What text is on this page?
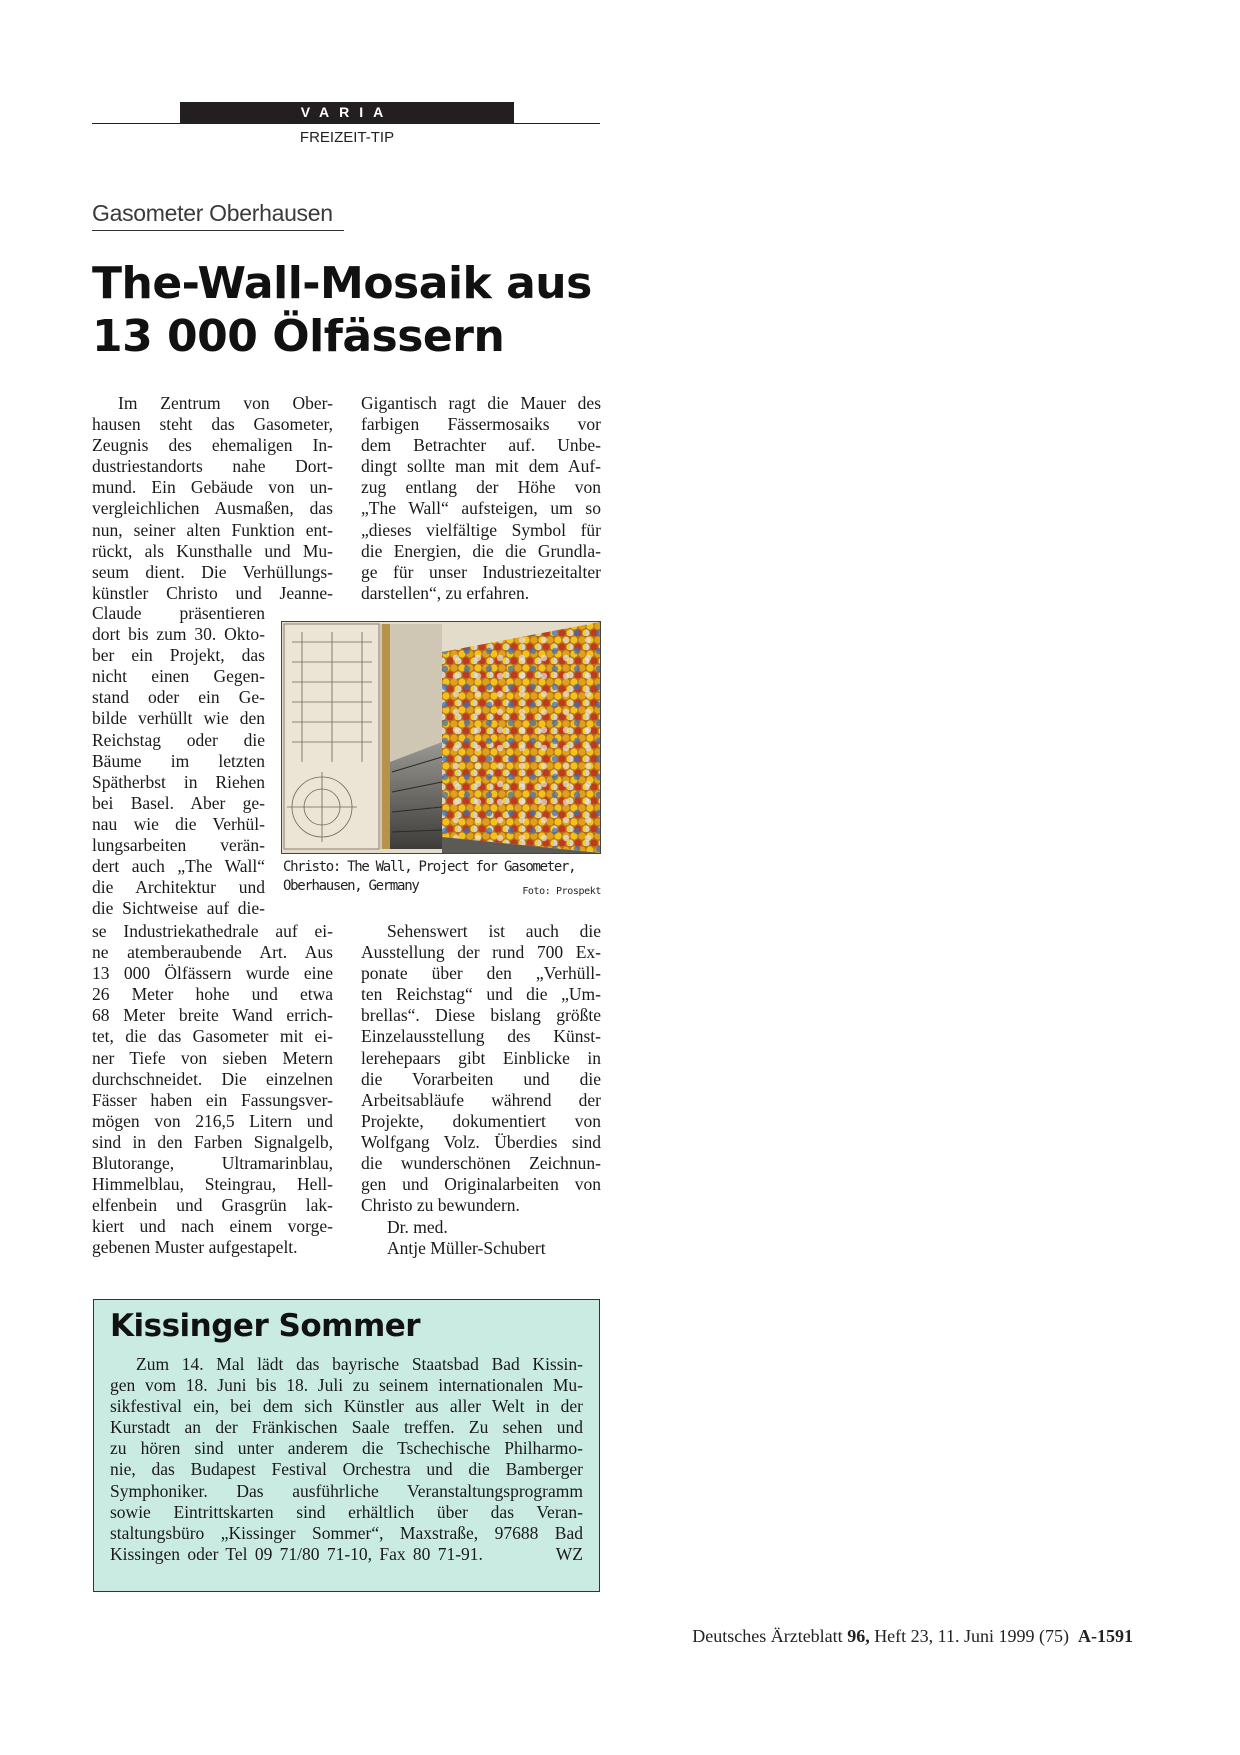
VARIA
FREIZEIT-TIP
Gasometer Oberhausen
The-Wall-Mosaik aus
13 000 Ölfässern
Im Zentrum von Ober-
hausen steht das Gasometer,
Zeugnis des ehemaligen In-
dustriestandorts nahe Dort-
mund. Ein Gebäude von un-
vergleichlichen Ausmaßen, das
nun, seiner alten Funktion ent-
rückt, als Kunsthalle und Mu-
seum dient. Die Verhüllungs-
künstler Christo und Jeanne-
Claude präsentieren
dort bis zum 30. Okto-
ber ein Projekt, das
nicht einen Gegen-
stand oder ein Ge-
bilde verhüllt wie den
Reichstag oder die
Bäume im letzten
Spätherbst in Riehen
bei Basel. Aber ge-
nau wie die Verhül-
lungsarbeiten verän-
dert auch „The Wall“
die Architektur und
die Sichtweise auf die-
se Industriekathedrale auf ei-
ne atemberaubende Art. Aus
13 000 Ölfässern wurde eine
26 Meter hohe und etwa
68 Meter breite Wand errich-
tet, die das Gasometer mit ei-
ner Tiefe von sieben Metern
durchschneidet. Die einzelnen
Fässer haben ein Fassungsver-
mögen von 216,5 Litern und
sind in den Farben Signalgelb,
Blutorange, Ultramarinblau,
Himmelblau, Steingrau, Hell-
elfenbein und Grasgrün lak-
kiert und nach einem vorge-
gebenen Muster aufgestapelt.
Gigantisch ragt die Mauer des
farbigen Fässermosaiks vor
dem Betrachter auf. Unbe-
dingt sollte man mit dem Auf-
zug entlang der Höhe von
„The Wall“ aufsteigen, um so
„dieses vielfältige Symbol für
die Energien, die die Grundla-
ge für unser Industriezeitalter
darstellen“, zu erfahren.
Christo: The Wall, Project for Gasometer, Oberhausen, Germany	Foto: Prospekt
Sehenswert ist auch die
Ausstellung der rund 700 Ex-
ponate über den „Verhüll-
ten Reichstag“ und die „Um-
brellas“. Diese bislang größte
Einzelausstellung des Künst-
lerehepaars gibt Einblicke in
die Vorarbeiten und die
Arbeitsabläufe während der
Projekte, dokumentiert von
Wolfgang Volz. Überdies sind
die wunderschönen Zeichnun-
gen und Originalarbeiten von
Christo zu bewundern.
Dr. med.
Antje Müller-Schubert
Kissinger Sommer
Zum 14. Mal lädt das bayrische Staatsbad Bad Kissin-
gen vom 18. Juni bis 18. Juli zu seinem internationalen Mu-
sikfestival ein, bei dem sich Künstler aus aller Welt in der
Kurstadt an der Fränkischen Saale treffen. Zu sehen und
zu hören sind unter anderem die Tschechische Philharmo-
nie, das Budapest Festival Orchestra und die Bamberger
Symphoniker. Das ausführliche Veranstaltungsprogramm
sowie Eintrittskarten sind erhältlich über das Veran-
staltungsbüro „Kissinger Sommer“, Maxstraße, 97688 Bad
Kissingen oder Tel 09 71/80 71-10, Fax 80 71-91.          WZ
Deutsches Ärzteblatt 96, Heft 23, 11. Juni 1999 (75) A-1591
